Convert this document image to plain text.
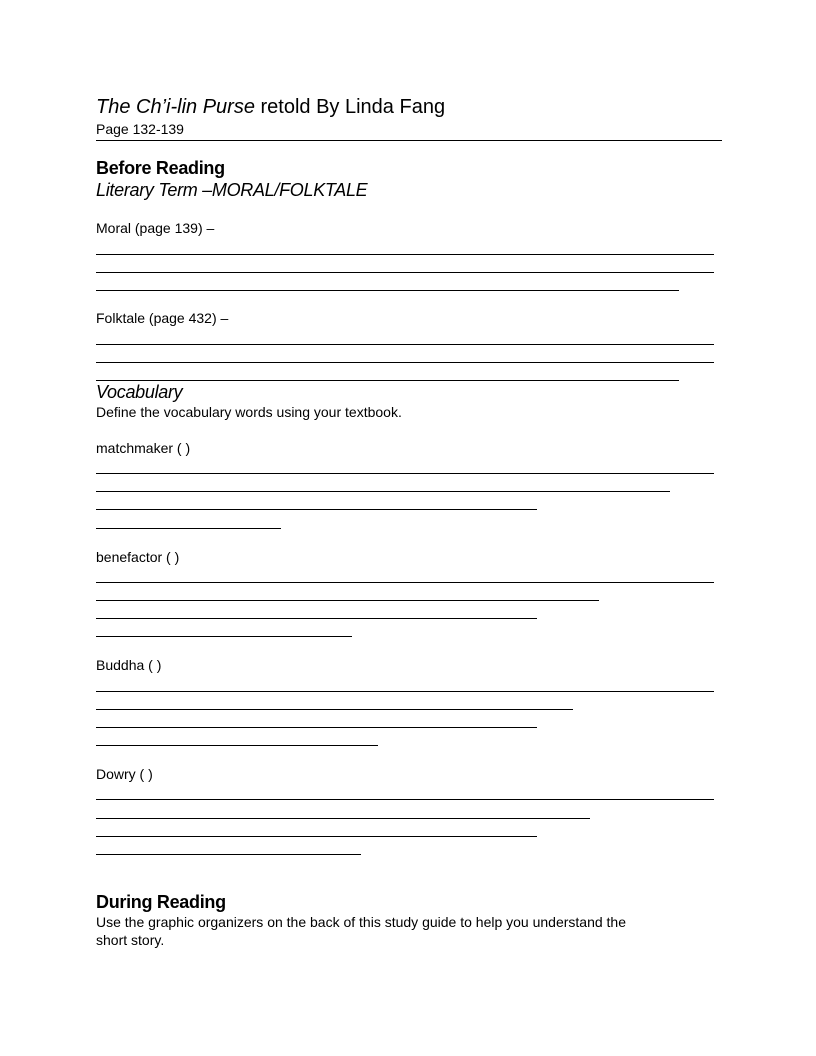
The Ch’i-lin Purse retold By Linda Fang

Page 132-139

Before Reading

Literary Term –MORAL/FOLKTALE

Moral (page 139) –

Folktale (page 432) –

Vocabulary

Define the vocabulary words using your textbook.

matchmaker ( )

benefactor ( )

Buddha ( )

Dowry ( )

During Reading

Use the graphic organizers on the back of this study guide to help you understand the

short story.
